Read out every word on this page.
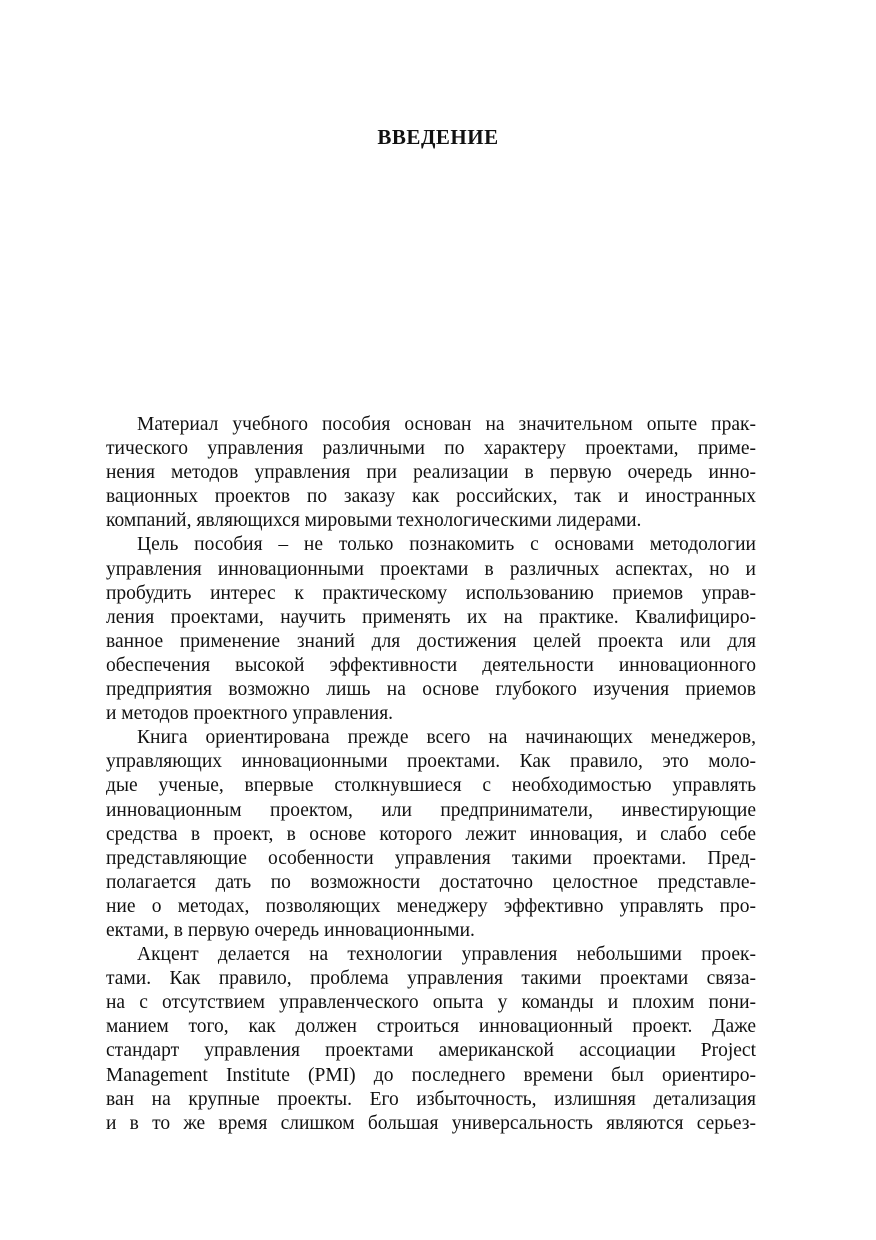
ВВЕДЕНИЕ
Материал учебного пособия основан на значительном опыте прак-
тического управления различными по характеру проектами, приме-
нения методов управления при реализации в первую очередь инно-
вационных проектов по заказу как российских, так и иностранных
компаний, являющихся мировыми технологическими лидерами.
Цель пособия – не только познакомить с основами методологии
управления инновационными проектами в различных аспектах, но и
пробудить интерес к практическому использованию приемов управ-
ления проектами, научить применять их на практике. Квалифициро-
ванное применение знаний для достижения целей проекта или для
обеспечения высокой эффективности деятельности инновационного
предприятия возможно лишь на основе глубокого изучения приемов
и методов проектного управления.
Книга ориентирована прежде всего на начинающих менеджеров,
управляющих инновационными проектами. Как правило, это моло-
дые ученые, впервые столкнувшиеся с необходимостью управлять
инновационным проектом, или предприниматели, инвестирующие
средства в проект, в основе которого лежит инновация, и слабо себе
представляющие особенности управления такими проектами. Пред-
полагается дать по возможности достаточно целостное представле-
ние о методах, позволяющих менеджеру эффективно управлять про-
ектами, в первую очередь инновационными.
Акцент делается на технологии управления небольшими проек-
тами. Как правило, проблема управления такими проектами связа-
на с отсутствием управленческого опыта у команды и плохим пони-
манием того, как должен строиться инновационный проект. Даже
стандарт управления проектами американской ассоциации Project
Management Institute (PMI) до последнего времени был ориентиро-
ван на крупные проекты. Его избыточность, излишняя детализация
и в то же время слишком большая универсальность являются серьез-
